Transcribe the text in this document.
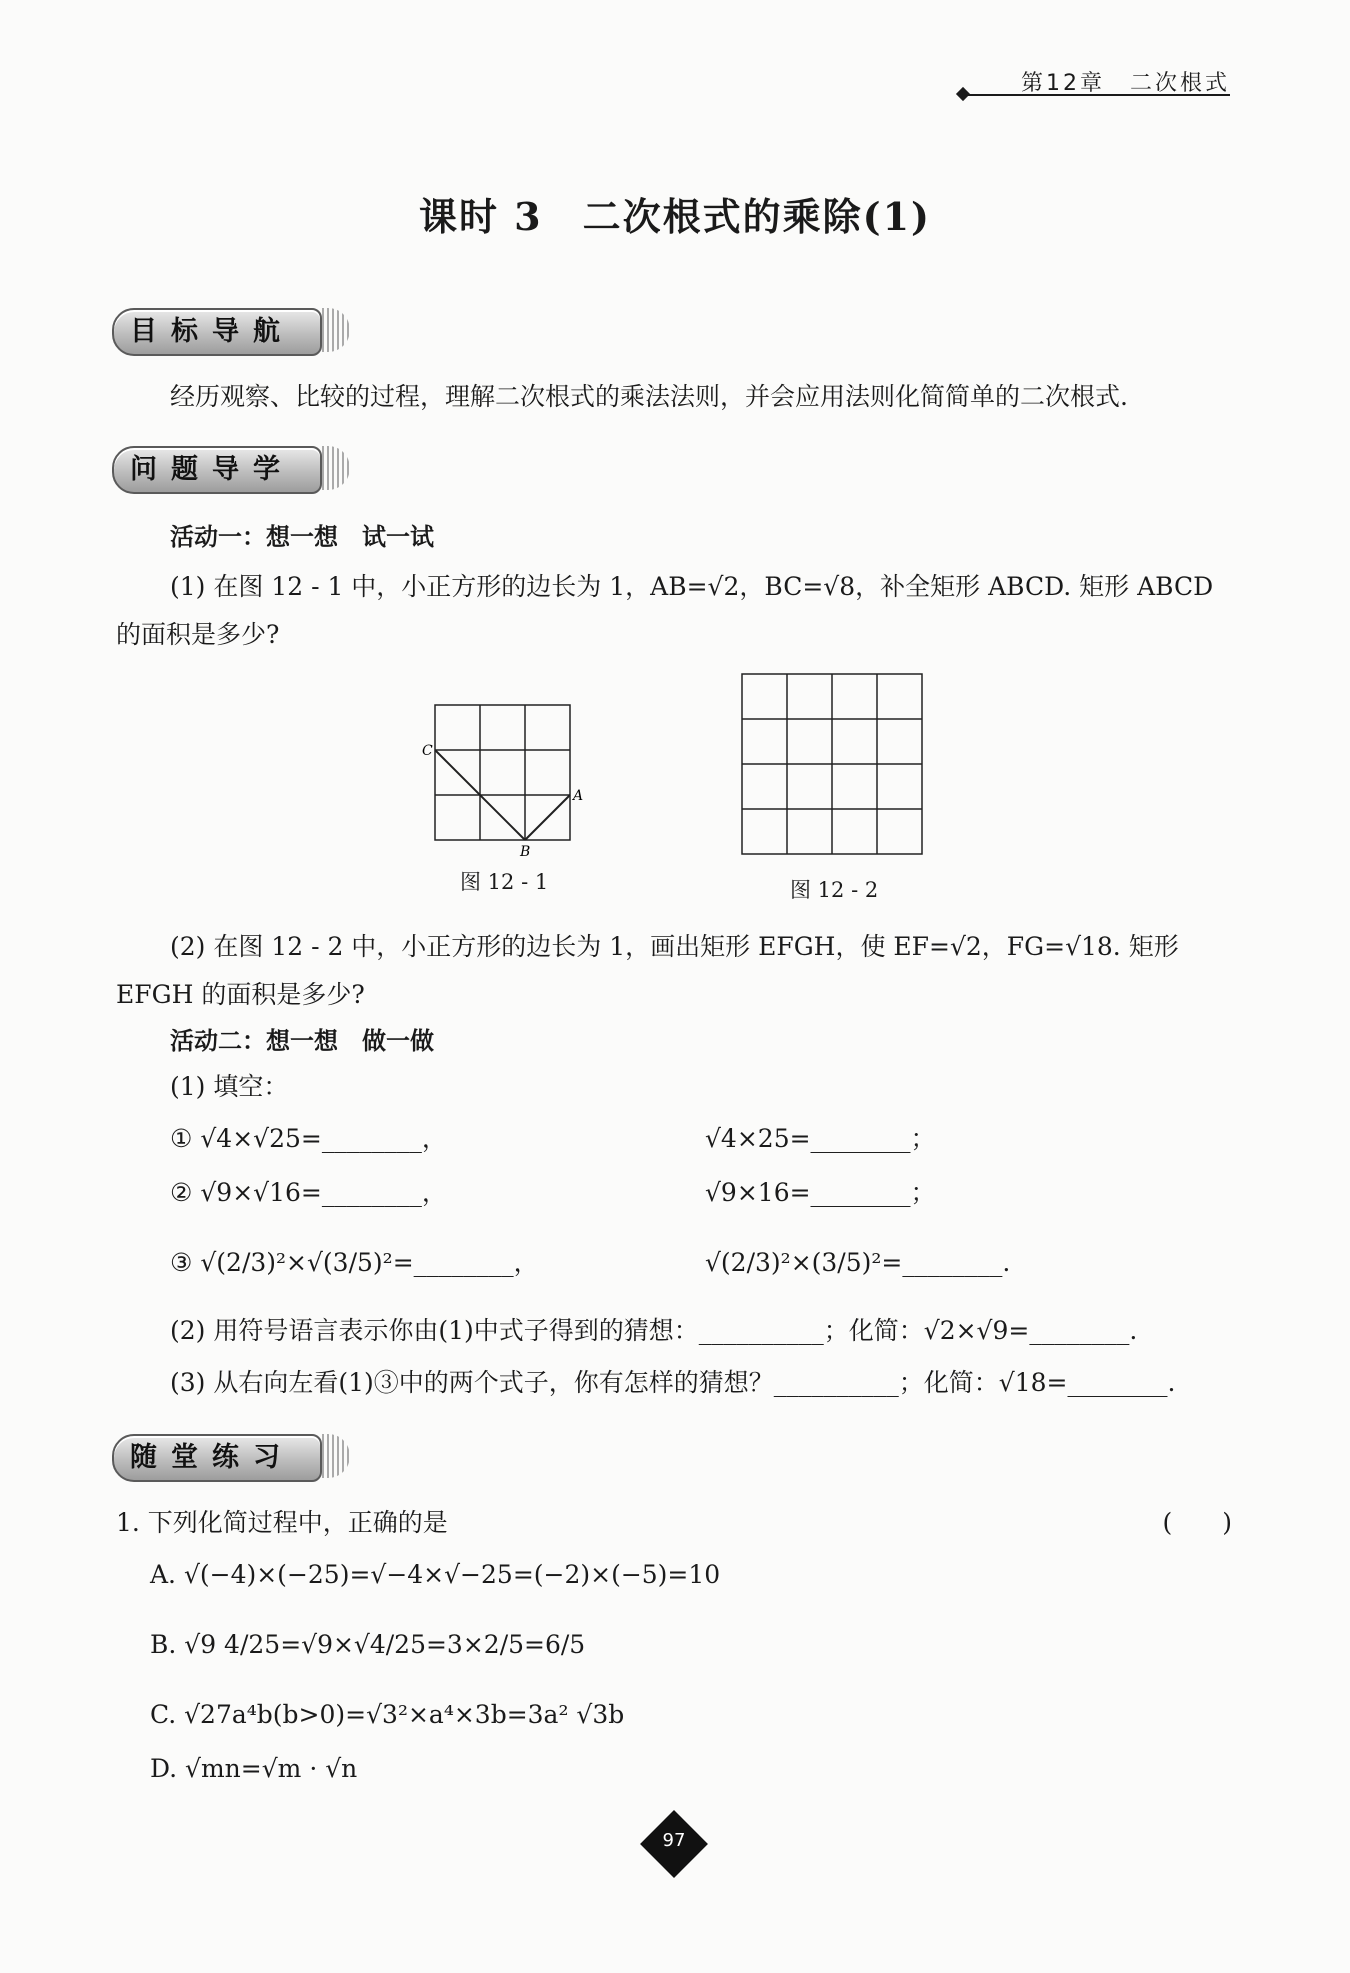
第12章　二次根式
课时 3　二次根式的乘除(1)
目标导航
经历观察、比较的过程，理解二次根式的乘法法则，并会应用法则化简简单的二次根式.
问题导学
活动一：想一想　试一试
(1) 在图 12 - 1 中，小正方形的边长为 1，AB=√2，BC=√8，补全矩形 ABCD. 矩形 ABCD
的面积是多少?
C
A
B
图 12 - 1	图 12 - 2
(2) 在图 12 - 2 中，小正方形的边长为 1，画出矩形 EFGH，使 EF=√2，FG=√18. 矩形
EFGH 的面积是多少?
活动二：想一想　做一做
(1) 填空：
① √4×√25=________，	√4×25=________；
② √9×√16=________，	√9×16=________；
③ √(2/3)²×√(3/5)²=________，	√(2/3)²×(3/5)²=________.
(2) 用符号语言表示你由(1)中式子得到的猜想：__________；化简：√2×√9=________.
(3) 从右向左看(1)③中的两个式子，你有怎样的猜想？__________；化简：√18=________.
随堂练习
1. 下列化简过程中，正确的是	(　　)
A. √(−4)×(−25)=√−4×√−25=(−2)×(−5)=10
B. √9 4/25=√9×√4/25=3×2/5=6/5
C. √27a⁴b(b>0)=√3²×a⁴×3b=3a² √3b
D. √mn=√m · √n
97
